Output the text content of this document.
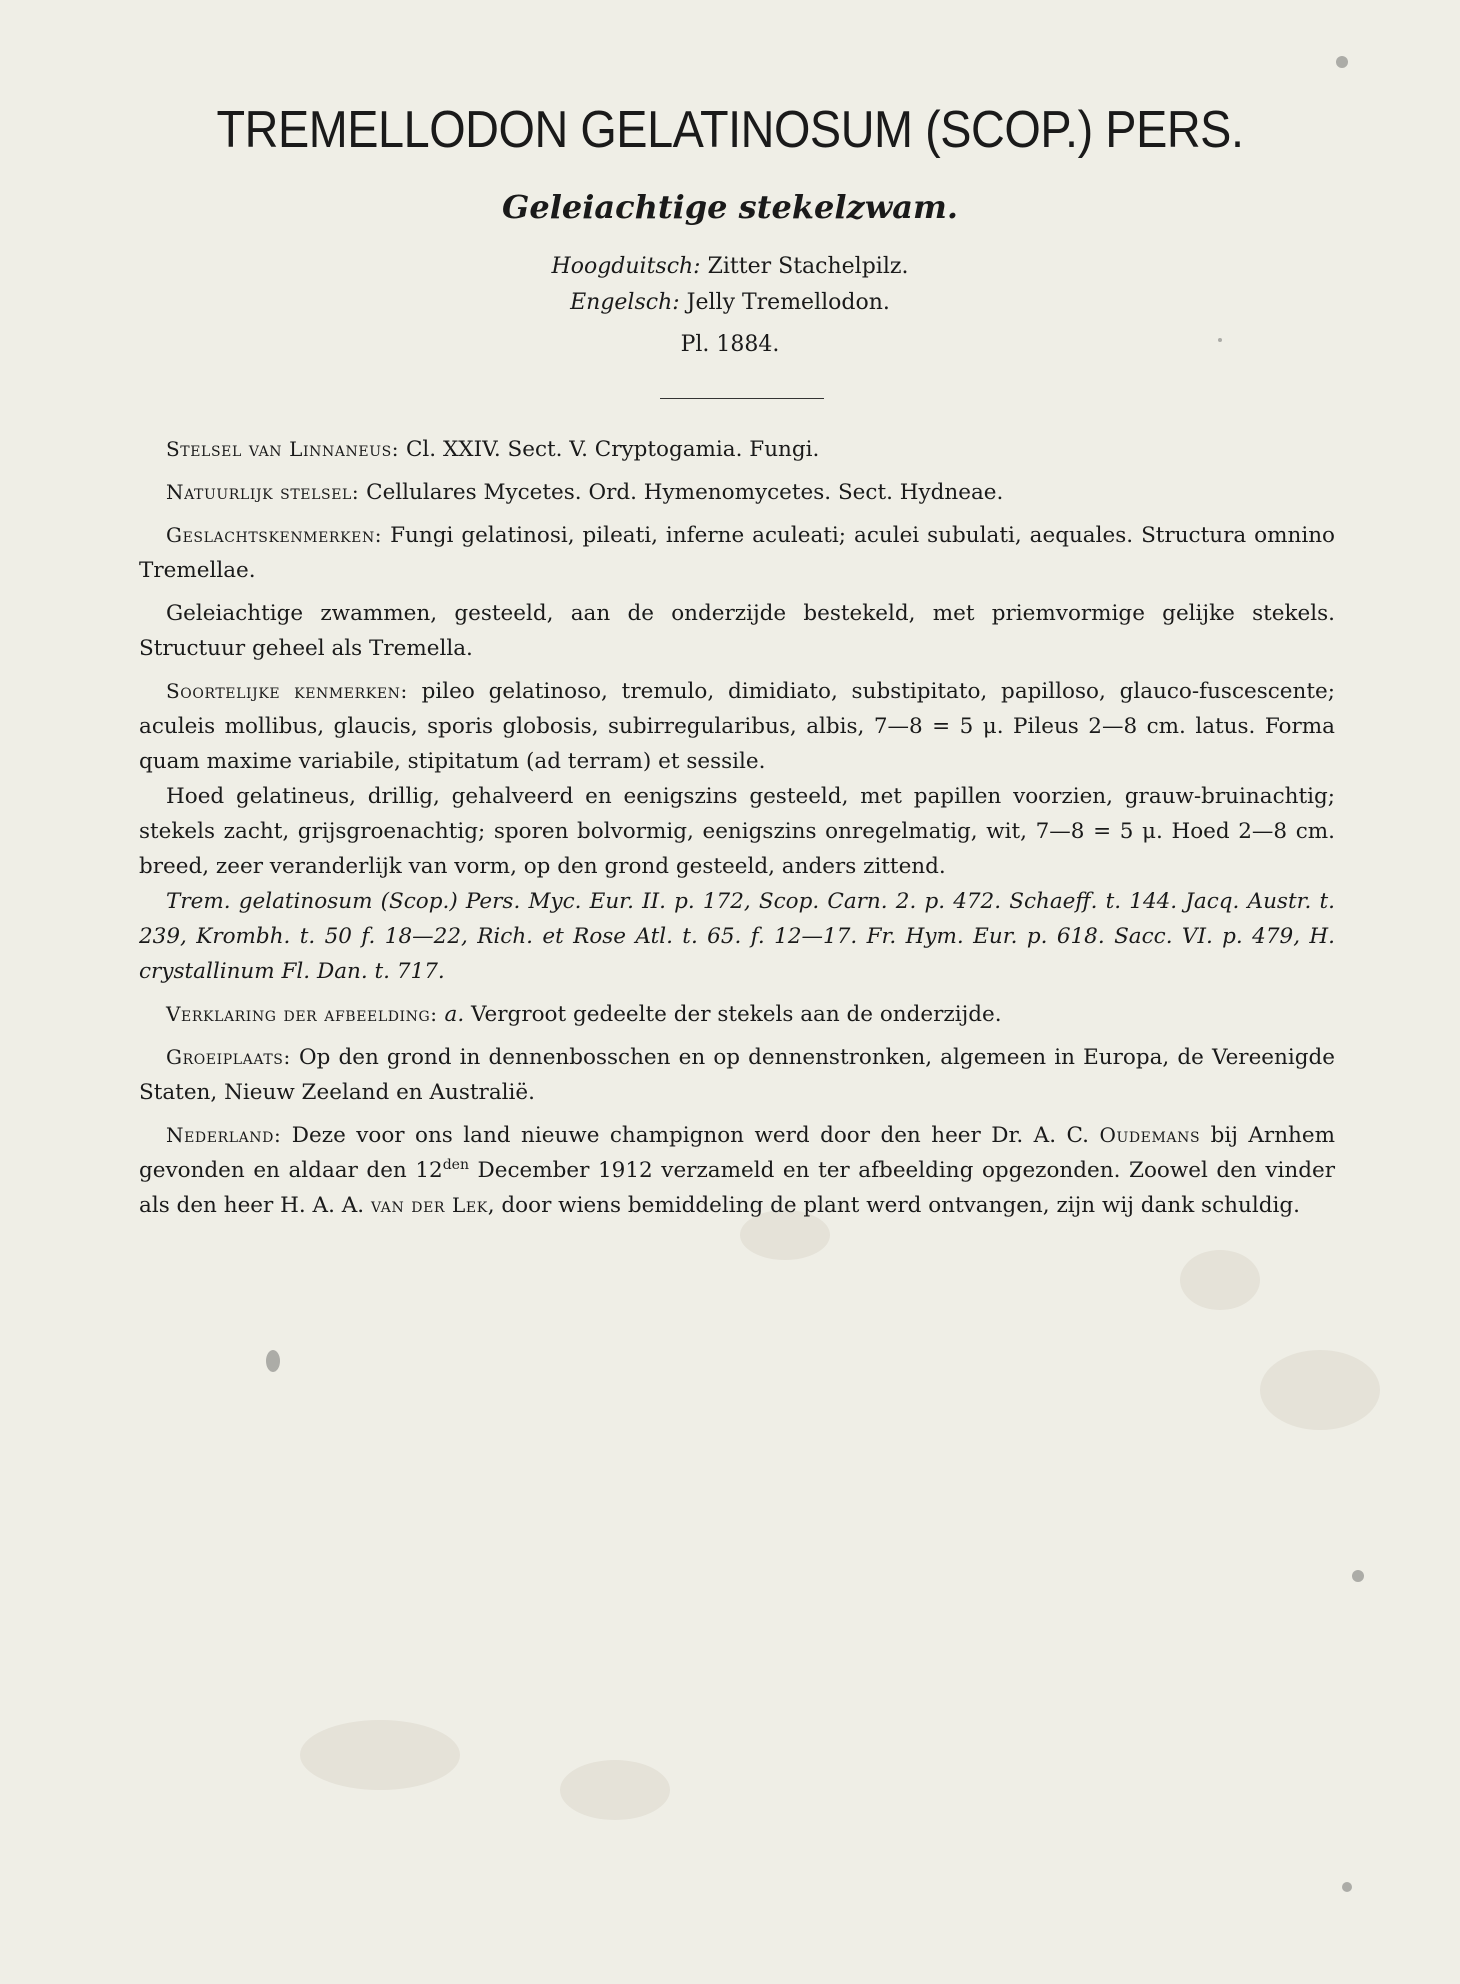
TREMELLODON GELATINOSUM (SCOP.) PERS.
Geleiachtige stekelzwam.
Hoogduitsch: Zitter Stachelpilz.
Engelsch: Jelly Tremellodon.
Pl. 1884.

Stelsel van Linnaneus: Cl. XXIV. Sect. V. Cryptogamia. Fungi.

Natuurlijk stelsel: Cellulares Mycetes. Ord. Hymenomycetes. Sect. Hydneae.

Geslachtskenmerken: Fungi gelatinosi, pileati, inferne aculeati; aculei subulati, aequales. Structura omnino Tremellae.

Geleiachtige zwammen, gesteeld, aan de onderzijde bestekeld, met priemvormige gelijke stekels. Structuur geheel als Tremella.

Soortelijke kenmerken: pileo gelatinoso, tremulo, dimidiato, substipitato, papilloso, glauco-fuscescente; aculeis mollibus, glaucis, sporis globosis, subirregularibus, albis, 7—8 = 5 μ. Pileus 2—8 cm. latus. Forma quam maxime variabile, stipitatum (ad terram) et sessile.

Hoed gelatineus, drillig, gehalveerd en eenigszins gesteeld, met papillen voorzien, grauw-bruinachtig; stekels zacht, grijsgroenachtig; sporen bolvormig, eenigszins onregelmatig, wit, 7—8 = 5 μ. Hoed 2—8 cm. breed, zeer veranderlijk van vorm, op den grond gesteeld, anders zittend.

Trem. gelatinosum (Scop.) Pers. Myc. Eur. II. p. 172, Scop. Carn. 2. p. 472. Schaeff. t. 144. Jacq. Austr. t. 239, Krombh. t. 50 f. 18—22, Rich. et Rose Atl. t. 65. f. 12—17. Fr. Hym. Eur. p. 618. Sacc. VI. p. 479, H. crystallinum Fl. Dan. t. 717.

Verklaring der afbeelding: a. Vergroot gedeelte der stekels aan de onderzijde.

Groeiplaats: Op den grond in dennenbosschen en op dennenstronken, algemeen in Europa, de Vereenigde Staten, Nieuw Zeeland en Australië.

Nederland: Deze voor ons land nieuwe champignon werd door den heer Dr. A. C. Oudemans bij Arnhem gevonden en aldaar den $12^{den}$ December 1912 verzameld en ter afbeelding opgezonden. Zoowel den vinder als den heer H. A. A. van der Lek, door wiens bemiddeling de plant werd ontvangen, zijn wij dank schuldig.
